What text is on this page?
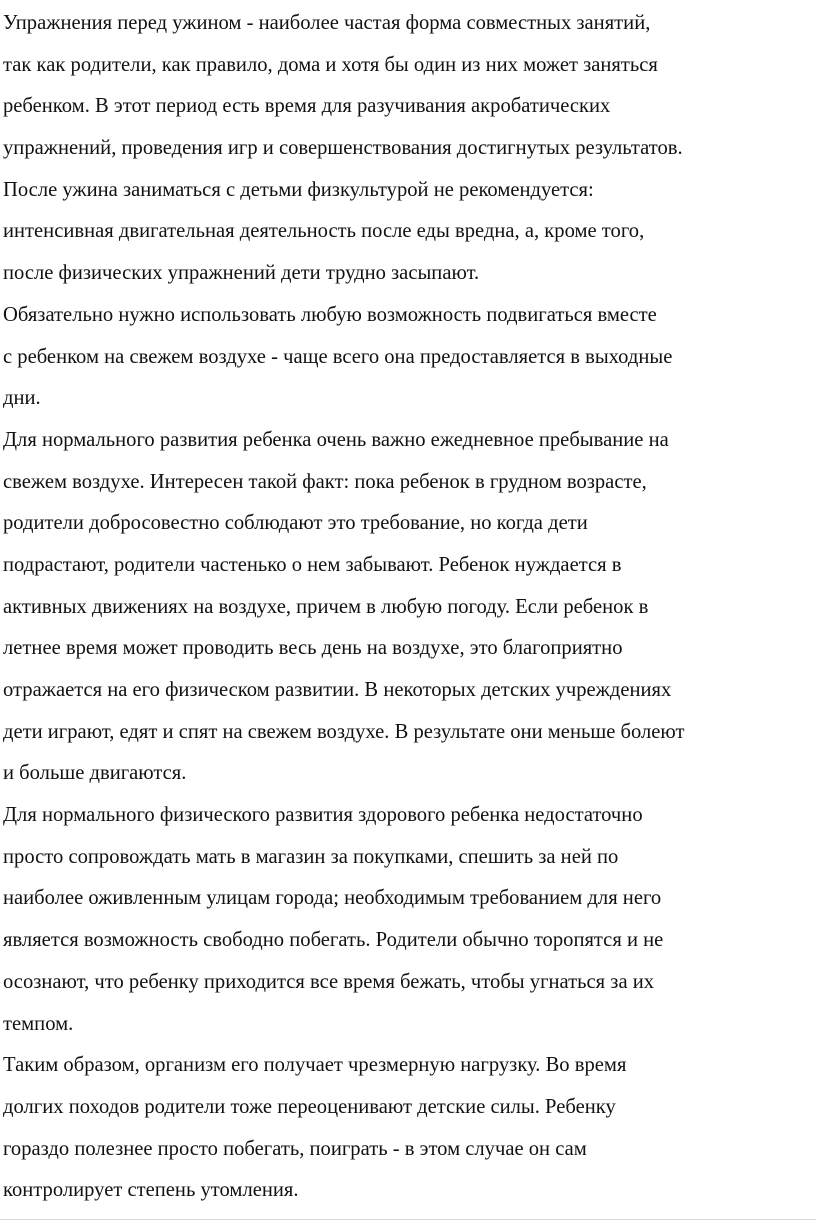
Упражнения перед ужином - наиболее частая форма совместных занятий,
так как родители, как правило, дома и хотя бы один из них может заняться
ребенком. В этот период есть время для разучивания акробатических
упражнений, проведения игр и совершенствования достигнутых результатов.
После ужина заниматься с детьми физкультурой не рекомендуется:
интенсивная двигательная деятельность после еды вредна, а, кроме того,
после физических упражнений дети трудно засыпают.
Обязательно нужно использовать любую возможность подвигаться вместе
с ребенком на свежем воздухе - чаще всего она предоставляется в выходные
дни.
Для нормального развития ребенка очень важно ежедневное пребывание на
свежем воздухе. Интересен такой факт: пока ребенок в грудном возрасте,
родители добросовестно соблюдают это требование, но когда дети
подрастают, родители частенько о нем забывают. Ребенок нуждается в
активных движениях на воздухе, причем в любую погоду. Если ребенок в
летнее время может проводить весь день на воздухе, это благоприятно
отражается на его физическом развитии. В некоторых детских учреждениях
дети играют, едят и спят на свежем воздухе. В результате они меньше болеют
и больше двигаются.
Для нормального физического развития здорового ребенка недостаточно
просто сопровождать мать в магазин за покупками, спешить за ней по
наиболее оживленным улицам города; необходимым требованием для него
является возможность свободно побегать. Родители обычно торопятся и не
осознают, что ребенку приходится все время бежать, чтобы угнаться за их
темпом.
Таким образом, организм его получает чрезмерную нагрузку. Во время
долгих походов родители тоже переоценивают детские силы. Ребенку
гораздо полезнее просто побегать, поиграть - в этом случае он сам
контролирует степень утомления.
